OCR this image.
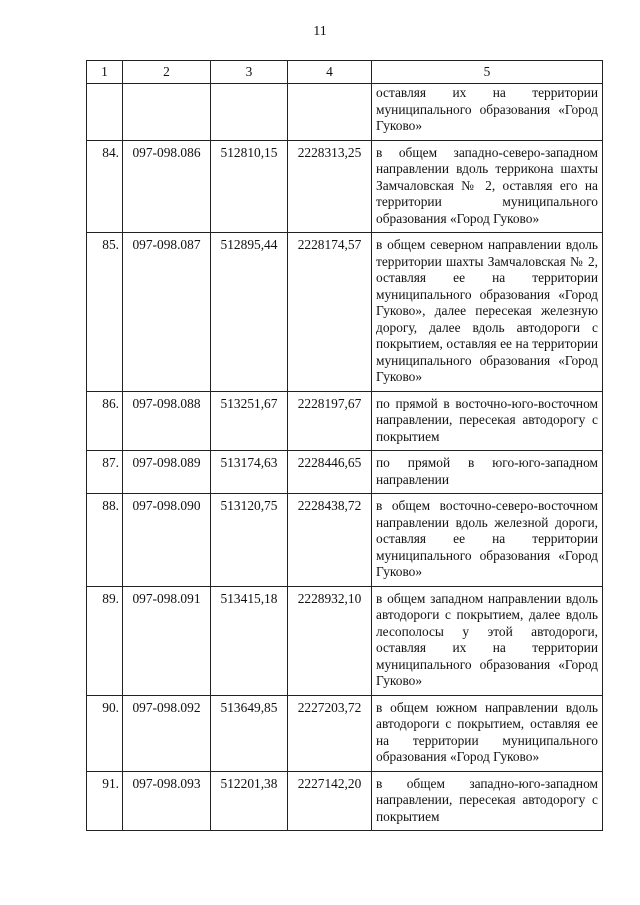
11
1	2	3	4	5
				оставляя их на территории муниципального образования «Город Гуково»
84.	097-098.086	512810,15	2228313,25	в общем западно-северо-западном направлении вдоль терриконa шахты Замчаловская № 2, оставляя его на территории муниципального образования «Город Гуково»
85.	097-098.087	512895,44	2228174,57	в общем северном направлении вдоль территории шахты Замчаловская № 2, оставляя ее на территории муниципального образования «Город Гуково», далее пересекая железную дорогу, далее вдоль автодороги с покрытием, оставляя ее на территории муниципального образования «Город Гуково»
86.	097-098.088	513251,67	2228197,67	по прямой в восточно-юго-восточном направлении, пересекая автодорогу с покрытием
87.	097-098.089	513174,63	2228446,65	по прямой в юго-юго-западном направлении
88.	097-098.090	513120,75	2228438,72	в общем восточно-северо-восточном направлении вдоль железной дороги, оставляя ее на территории муниципального образования «Город Гуково»
89.	097-098.091	513415,18	2228932,10	в общем западном направлении вдоль автодороги с покрытием, далее вдоль лесополосы у этой автодороги, оставляя их на территории муниципального образования «Город Гуково»
90.	097-098.092	513649,85	2227203,72	в общем южном направлении вдоль автодороги с покрытием, оставляя ее на территории муниципального образования «Город Гуково»
91.	097-098.093	512201,38	2227142,20	в общем западно-юго-западном направлении, пересекая автодорогу с покрытием
